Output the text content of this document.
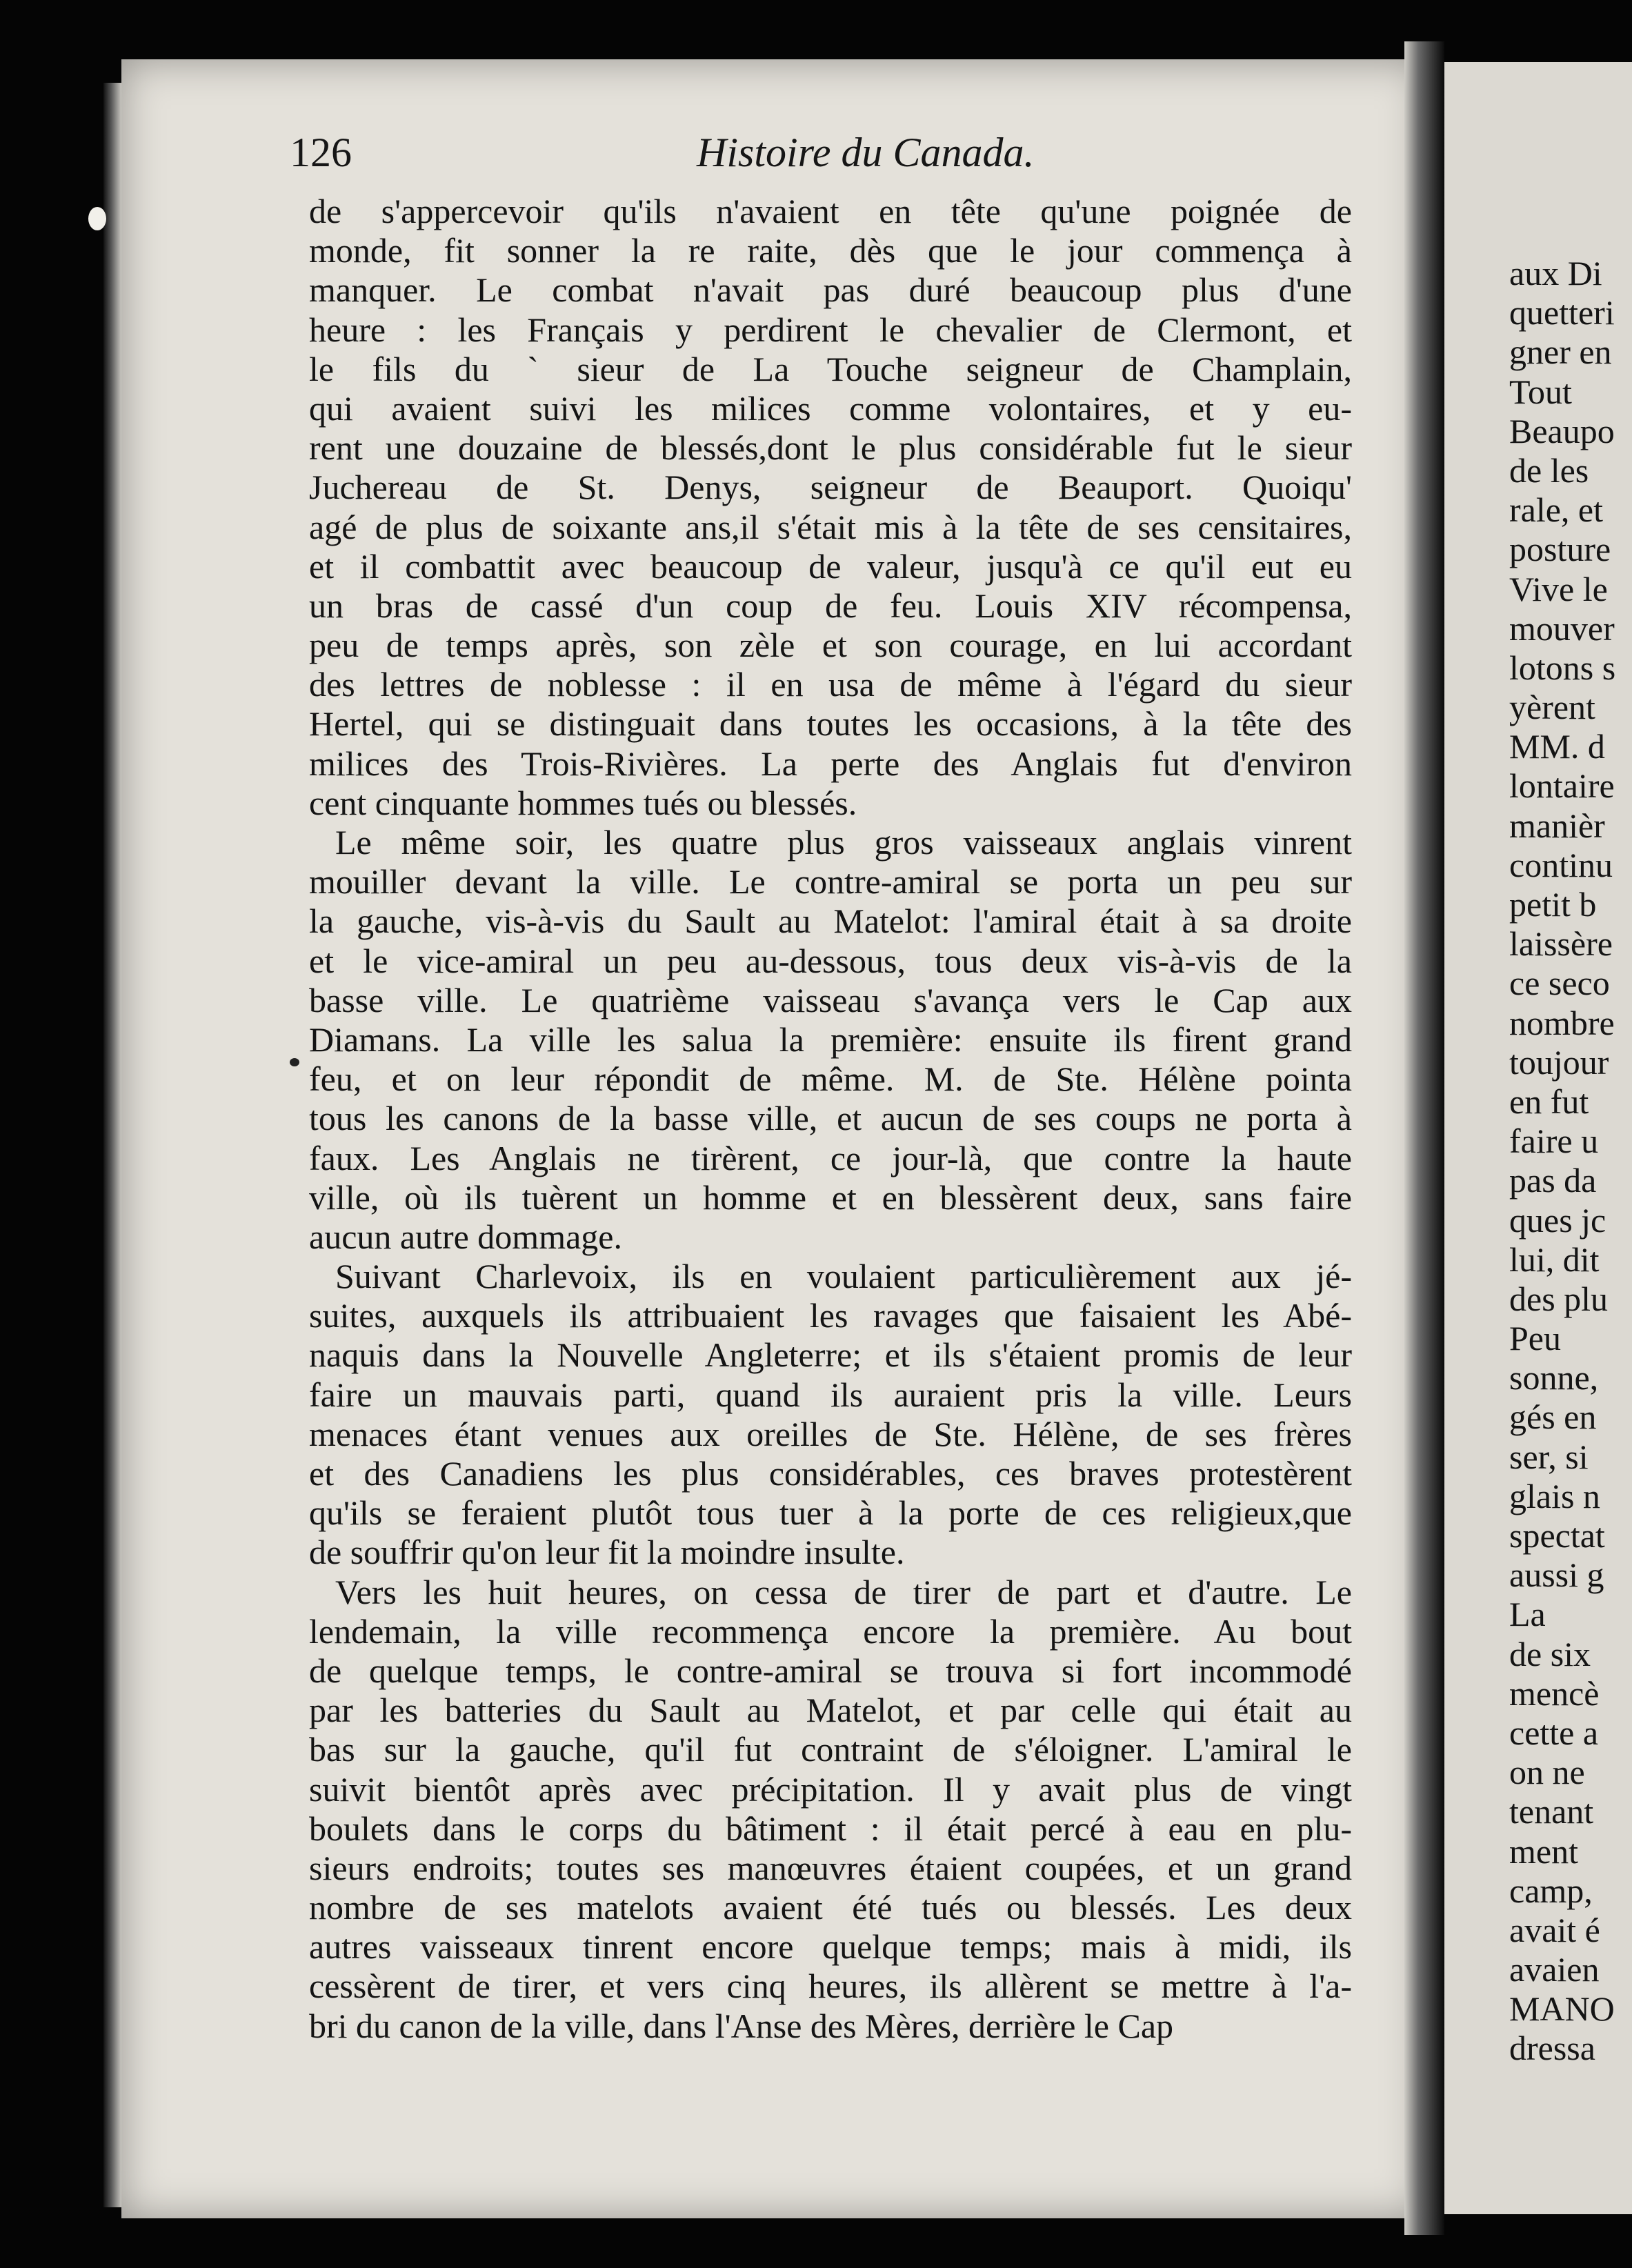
126	Histoire du Canada.
de s'appercevoir qu'ils n'avaient en tête qu'une poignée de
monde, fit sonner la re raite, dès que le jour commença à
manquer. Le combat n'avait pas duré beaucoup plus d'une
heure : les Français y perdirent le chevalier de Clermont, et
le fils du ` sieur de La Touche seigneur de Champlain,
qui avaient suivi les milices comme volontaires, et y eu-
rent une douzaine de blessés,dont le plus considérable fut le sieur
Juchereau de St. Denys, seigneur de Beauport. Quoiqu'
agé de plus de soixante ans,il s'était mis à la tête de ses censitaires,
et il combattit avec beaucoup de valeur, jusqu'à ce qu'il eut eu
un bras de cassé d'un coup de feu. Louis XIV récompensa,
peu de temps après, son zèle et son courage, en lui accordant
des lettres de noblesse : il en usa de même à l'égard du sieur
Hertel, qui se distinguait dans toutes les occasions, à la tête des
milices des Trois-Rivières. La perte des Anglais fut d'environ
cent cinquante hommes tués ou blessés.
Le même soir, les quatre plus gros vaisseaux anglais vinrent
mouiller devant la ville. Le contre-amiral se porta un peu sur
la gauche, vis-à-vis du Sault au Matelot: l'amiral était à sa droite
et le vice-amiral un peu au-dessous, tous deux vis-à-vis de la
basse ville. Le quatrième vaisseau s'avança vers le Cap aux
Diamans. La ville les salua la première: ensuite ils firent grand
feu, et on leur répondit de même. M. de Ste. Hélène pointa
tous les canons de la basse ville, et aucun de ses coups ne porta à
faux. Les Anglais ne tirèrent, ce jour-là, que contre la haute
ville, où ils tuèrent un homme et en blessèrent deux, sans faire
aucun autre dommage.
Suivant Charlevoix, ils en voulaient particulièrement aux jé-
suites, auxquels ils attribuaient les ravages que faisaient les Abé-
naquis dans la Nouvelle Angleterre; et ils s'étaient promis de leur
faire un mauvais parti, quand ils auraient pris la ville. Leurs
menaces étant venues aux oreilles de Ste. Hélène, de ses frères
et des Canadiens les plus considérables, ces braves protestèrent
qu'ils se feraient plutôt tous tuer à la porte de ces religieux,que
de souffrir qu'on leur fit la moindre insulte.
Vers les huit heures, on cessa de tirer de part et d'autre. Le
lendemain, la ville recommença encore la première. Au bout
de quelque temps, le contre-amiral se trouva si fort incommodé
par les batteries du Sault au Matelot, et par celle qui était au
bas sur la gauche, qu'il fut contraint de s'éloigner. L'amiral le
suivit bientôt après avec précipitation. Il y avait plus de vingt
boulets dans le corps du bâtiment : il était percé à eau en plu-
sieurs endroits; toutes ses manœuvres étaient coupées, et un grand
nombre de ses matelots avaient été tués ou blessés. Les deux
autres vaisseaux tinrent encore quelque temps; mais à midi, ils
cessèrent de tirer, et vers cinq heures, ils allèrent se mettre à l'a-
bri du canon de la ville, dans l'Anse des Mères, derrière le Cap
aux Di
quetteri
gner en
Tout
Beaupo
de les
rale, et
posture
Vive le
mouver
lotons s
yèrent
MM. d
lontaire
manièr
continu
petit b
laissère
ce seco
nombre
toujour
en fut
faire u
pas da
ques jc
lui, dit
des plu
Peu
sonne,
gés en
ser, si
glais n
spectat
aussi g
La
de six
mencè
cette a
on ne
tenant
ment
camp,
avait é
avaien
MANO
dressa
